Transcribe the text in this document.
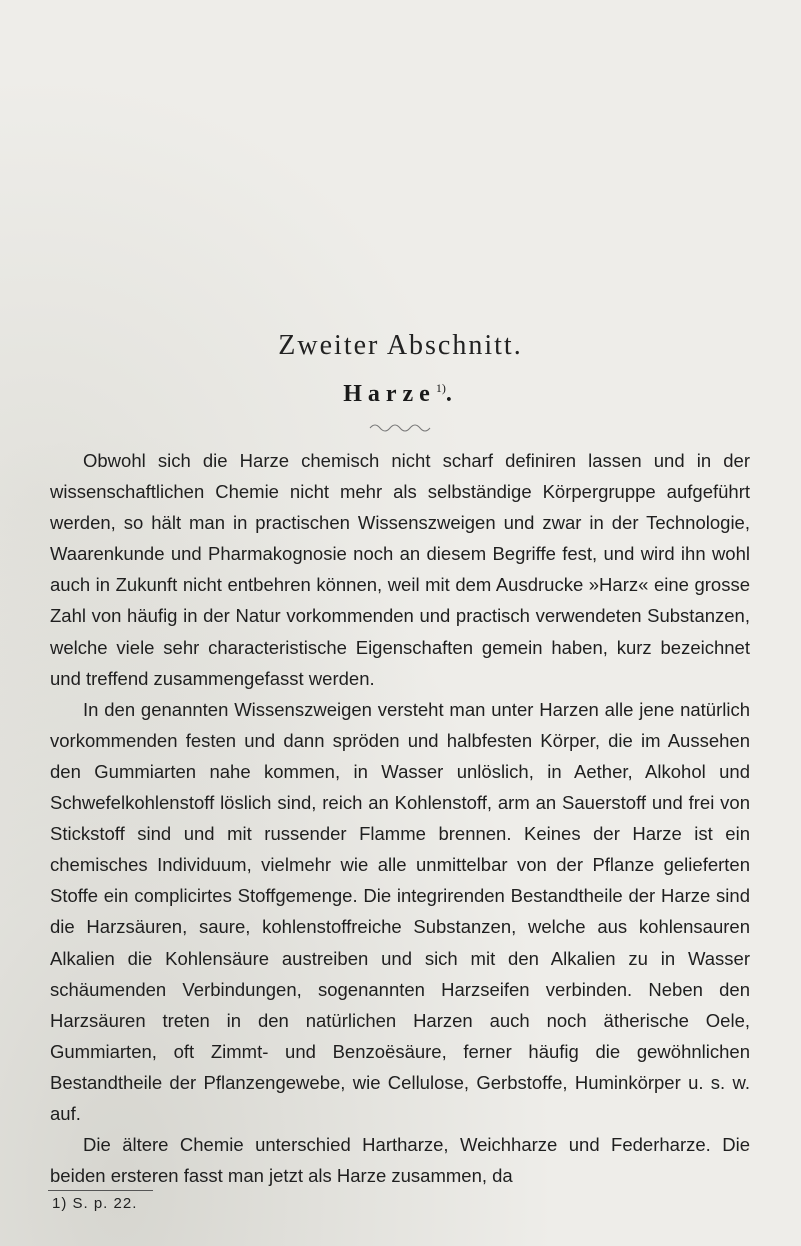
Zweiter Abschnitt.
Harze$^{1)}$.

Obwohl sich die Harze chemisch nicht scharf definiren lassen und in der wissenschaftlichen Chemie nicht mehr als selbständige Körpergruppe aufgeführt werden, so hält man in practischen Wissenszweigen und zwar in der Technologie, Waarenkunde und Pharmakognosie noch an diesem Begriffe fest, und wird ihn wohl auch in Zukunft nicht entbehren können, weil mit dem Ausdrucke »Harz« eine grosse Zahl von häufig in der Natur vorkommenden und practisch verwendeten Substanzen, welche viele sehr characteristische Eigenschaften gemein haben, kurz bezeichnet und treffend zusammengefasst werden.

In den genannten Wissenszweigen versteht man unter Harzen alle jene natürlich vorkommenden festen und dann spröden und halbfesten Körper, die im Aussehen den Gummiarten nahe kommen, in Wasser unlöslich, in Aether, Alkohol und Schwefelkohlenstoff löslich sind, reich an Kohlenstoff, arm an Sauerstoff und frei von Stickstoff sind und mit russender Flamme brennen. Keines der Harze ist ein chemisches Individuum, vielmehr wie alle unmittelbar von der Pflanze gelieferten Stoffe ein complicirtes Stoffgemenge. Die integrirenden Bestandtheile der Harze sind die Harzsäuren, saure, kohlenstoffreiche Substanzen, welche aus kohlensauren Alkalien die Kohlensäure austreiben und sich mit den Alkalien zu in Wasser schäumenden Verbindungen, sogenannten Harzseifen verbinden. Neben den Harzsäuren treten in den natürlichen Harzen auch noch ätherische Oele, Gummiarten, oft Zimmt- und Benzoësäure, ferner häufig die gewöhnlichen Bestandtheile der Pflanzengewebe, wie Cellulose, Gerbstoffe, Huminkörper u. s. w. auf.

Die ältere Chemie unterschied Hartharze, Weichharze und Federharze. Die beiden ersteren fasst man jetzt als Harze zusammen, da

1) S. p. 22.
